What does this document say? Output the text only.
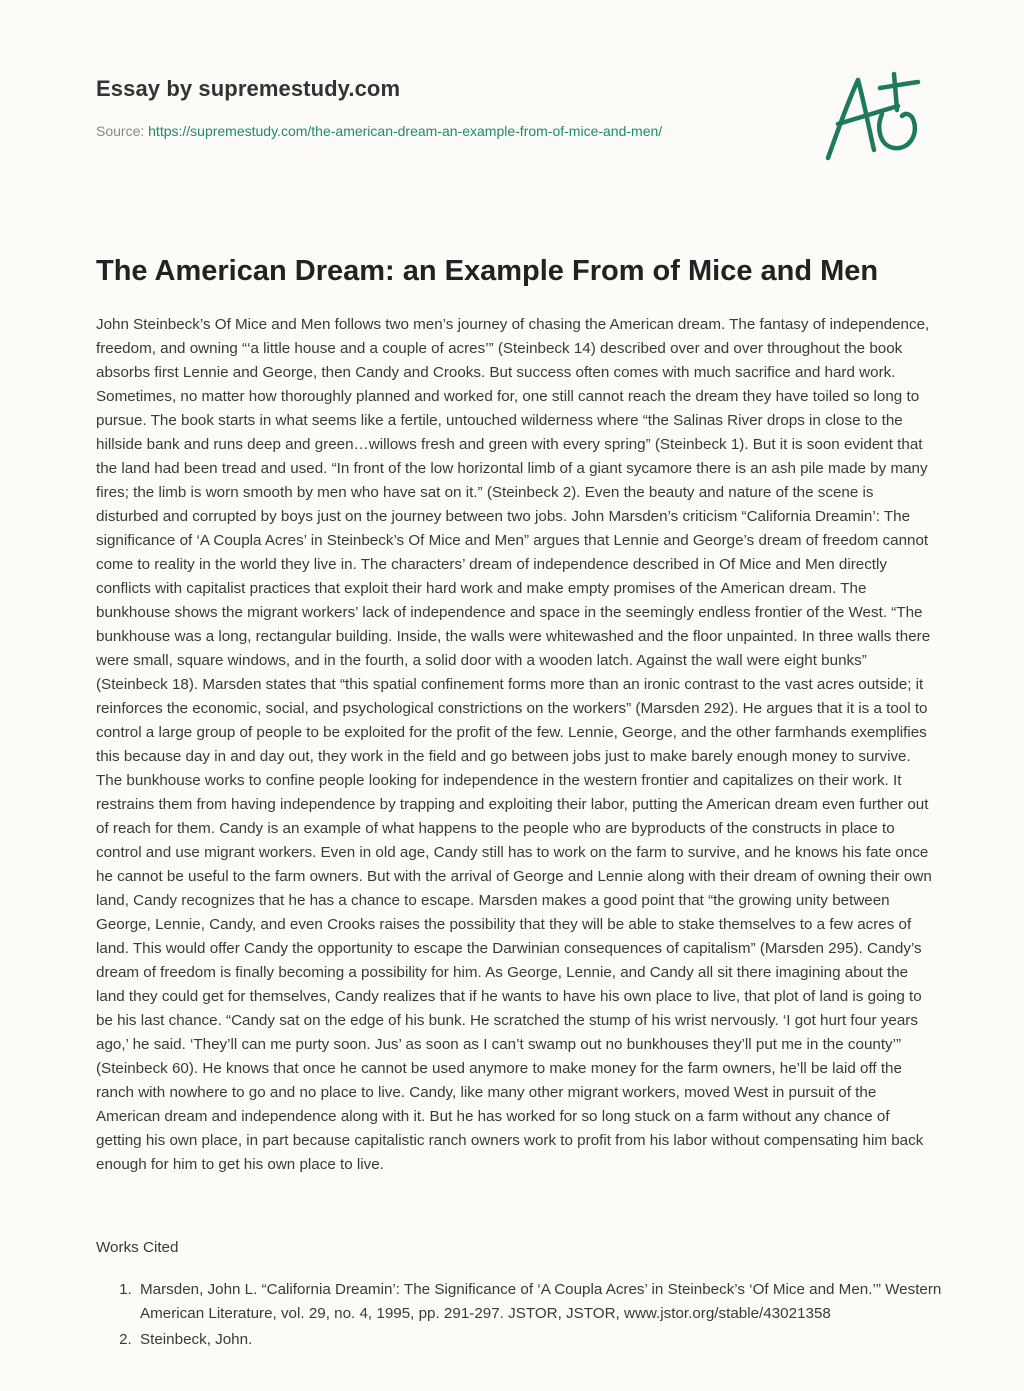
Essay by supremestudy.com
Source: https://supremestudy.com/the-american-dream-an-example-from-of-mice-and-men/
The American Dream: an Example From of Mice and Men

John Steinbeck’s Of Mice and Men follows two men’s journey of chasing the American dream. The fantasy of independence, freedom, and owning “‘a little house and a couple of acres’” (Steinbeck 14) described over and over throughout the book absorbs first Lennie and George, then Candy and Crooks. But success often comes with much sacrifice and hard work. Sometimes, no matter how thoroughly planned and worked for, one still cannot reach the dream they have toiled so long to pursue. The book starts in what seems like a fertile, untouched wilderness where “the Salinas River drops in close to the hillside bank and runs deep and green…willows fresh and green with every spring” (Steinbeck 1). But it is soon evident that the land had been tread and used. “In front of the low horizontal limb of a giant sycamore there is an ash pile made by many fires; the limb is worn smooth by men who have sat on it.” (Steinbeck 2). Even the beauty and nature of the scene is disturbed and corrupted by boys just on the journey between two jobs. John Marsden’s criticism “California Dreamin’: The significance of ‘A Coupla Acres’ in Steinbeck’s Of Mice and Men” argues that Lennie and George’s dream of freedom cannot come to reality in the world they live in. The characters’ dream of independence described in Of Mice and Men directly conflicts with capitalist practices that exploit their hard work and make empty promises of the American dream. The bunkhouse shows the migrant workers’ lack of independence and space in the seemingly endless frontier of the West. “The bunkhouse was a long, rectangular building. Inside, the walls were whitewashed and the floor unpainted. In three walls there were small, square windows, and in the fourth, a solid door with a wooden latch. Against the wall were eight bunks” (Steinbeck 18). Marsden states that “this spatial confinement forms more than an ironic contrast to the vast acres outside; it reinforces the economic, social, and psychological constrictions on the workers” (Marsden 292). He argues that it is a tool to control a large group of people to be exploited for the profit of the few. Lennie, George, and the other farmhands exemplifies this because day in and day out, they work in the field and go between jobs just to make barely enough money to survive. The bunkhouse works to confine people looking for independence in the western frontier and capitalizes on their work. It restrains them from having independence by trapping and exploiting their labor, putting the American dream even further out of reach for them. Candy is an example of what happens to the people who are byproducts of the constructs in place to control and use migrant workers. Even in old age, Candy still has to work on the farm to survive, and he knows his fate once he cannot be useful to the farm owners. But with the arrival of George and Lennie along with their dream of owning their own land, Candy recognizes that he has a chance to escape. Marsden makes a good point that “the growing unity between George, Lennie, Candy, and even Crooks raises the possibility that they will be able to stake themselves to a few acres of land. This would offer Candy the opportunity to escape the Darwinian consequences of capitalism” (Marsden 295). Candy’s dream of freedom is finally becoming a possibility for him. As George, Lennie, and Candy all sit there imagining about the land they could get for themselves, Candy realizes that if he wants to have his own place to live, that plot of land is going to be his last chance. “Candy sat on the edge of his bunk. He scratched the stump of his wrist nervously. ‘I got hurt four years ago,’ he said. ‘They’ll can me purty soon. Jus’ as soon as I can’t swamp out no bunkhouses they’ll put me in the county’” (Steinbeck 60). He knows that once he cannot be used anymore to make money for the farm owners, he’ll be laid off the ranch with nowhere to go and no place to live. Candy, like many other migrant workers, moved West in pursuit of the American dream and independence along with it. But he has worked for so long stuck on a farm without any chance of getting his own place, in part because capitalistic ranch owners work to profit from his labor without compensating him back enough for him to get his own place to live.

Works Cited

1. Marsden, John L. “California Dreamin’: The Significance of ‘A Coupla Acres’ in Steinbeck’s ‘Of Mice and Men.’” Western American Literature, vol. 29, no. 4, 1995, pp. 291-297. JSTOR, JSTOR, www.jstor.org/stable/43021358
2. Steinbeck, John.
